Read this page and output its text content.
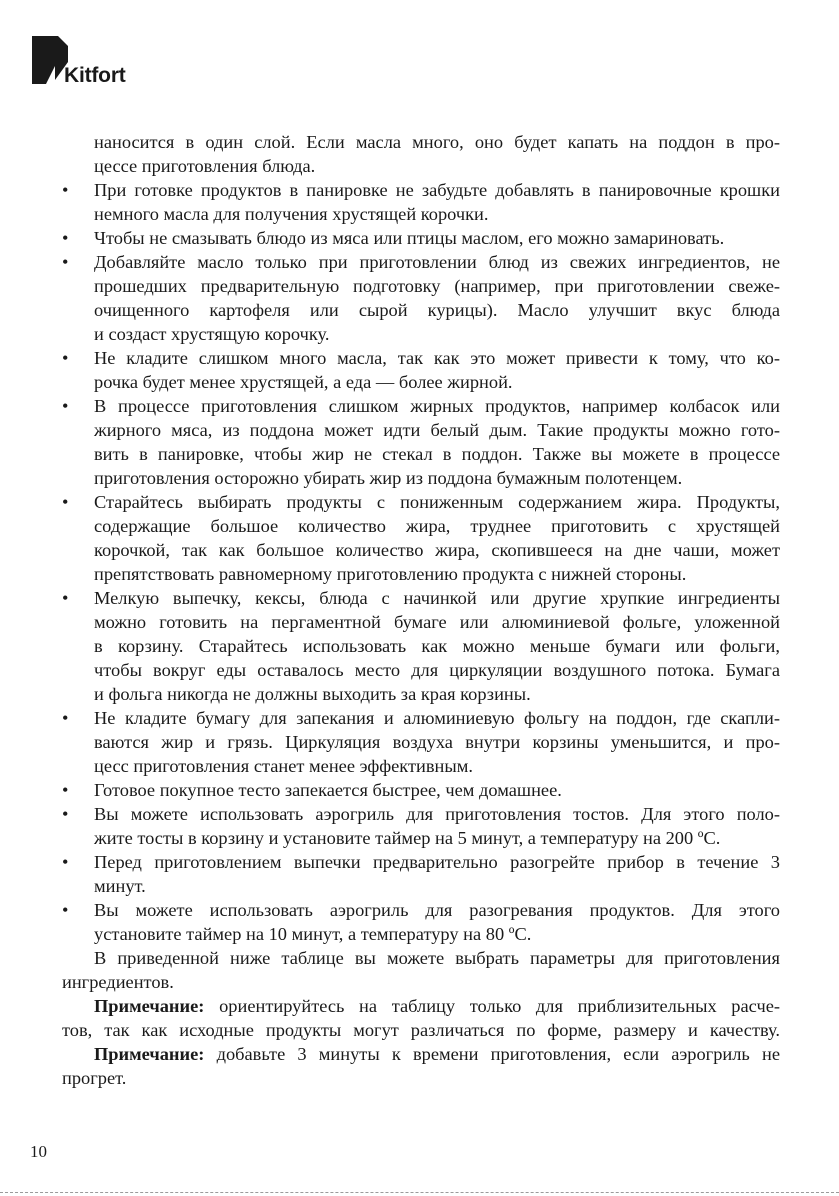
Kitfort
наносится в один слой. Если масла много, оно будет капать на поддон в про-
цессе приготовления блюда.
•	При готовке продуктов в панировке не забудьте добавлять в панировочные крошки
немного масла для получения хрустящей корочки.
•	Чтобы не смазывать блюдо из мяса или птицы маслом, его можно замариновать.
•	Добавляйте масло только при приготовлении блюд из свежих ингредиентов, не
прошедших предварительную подготовку (например, при приготовлении свеже-
очищенного картофеля или сырой курицы). Масло улучшит вкус блюда
и создаст хрустящую корочку.
•	Не кладите слишком много масла, так как это может привести к тому, что ко-
рочка будет менее хрустящей, а еда — более жирной.
•	В процессе приготовления слишком жирных продуктов, например колбасок или
жирного мяса, из поддона может идти белый дым. Такие продукты можно гото-
вить в панировке, чтобы жир не стекал в поддон. Также вы можете в процессе
приготовления осторожно убирать жир из поддона бумажным полотенцем.
•	Старайтесь выбирать продукты с пониженным содержанием жира. Продукты,
содержащие большое количество жира, труднее приготовить с хрустящей
корочкой, так как большое количество жира, скопившееся на дне чаши, может
препятствовать равномерному приготовлению продукта с нижней стороны.
•	Мелкую выпечку, кексы, блюда с начинкой или другие хрупкие ингредиенты
можно готовить на пергаментной бумаге или алюминиевой фольге, уложенной
в корзину. Старайтесь использовать как можно меньше бумаги или фольги,
чтобы вокруг еды оставалось место для циркуляции воздушного потока. Бумага
и фольга никогда не должны выходить за края корзины.
•	Не кладите бумагу для запекания и алюминиевую фольгу на поддон, где скапли-
ваются жир и грязь. Циркуляция воздуха внутри корзины уменьшится, и про-
цесс приготовления станет менее эффективным.
•	Готовое покупное тесто запекается быстрее, чем домашнее.
•	Вы можете использовать аэрогриль для приготовления тостов. Для этого поло-
жите тосты в корзину и установите таймер на 5 минут, а температуру на 200 ºC.
•	Перед приготовлением выпечки предварительно разогрейте прибор в течение 3
минут.
•	Вы можете использовать аэрогриль для разогревания продуктов. Для этого
установите таймер на 10 минут, а температуру на 80 ºC.
В приведенной ниже таблице вы можете выбрать параметры для приготовления
ингредиентов.
Примечание: ориентируйтесь на таблицу только для приблизительных расче-
тов, так как исходные продукты могут различаться по форме, размеру и качеству.
Примечание: добавьте 3 минуты к времени приготовления, если аэрогриль не
прогрет.
10
